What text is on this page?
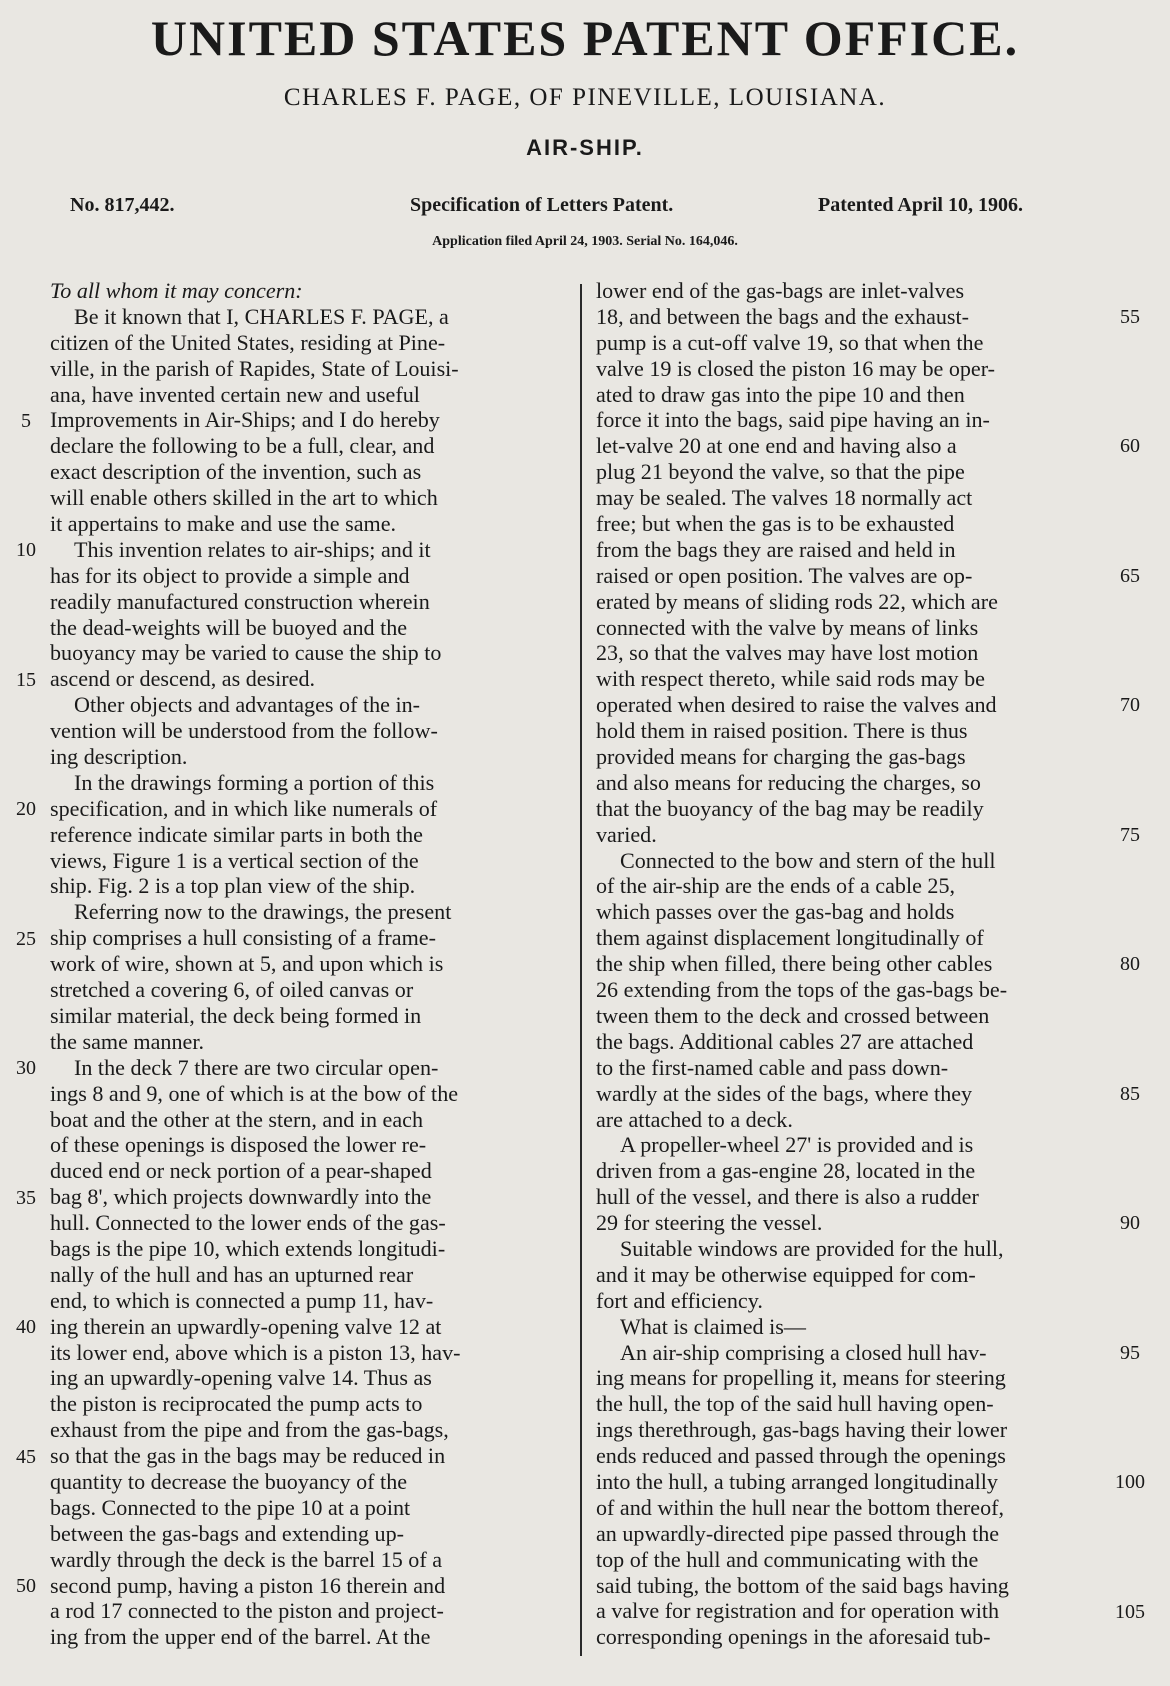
UNITED STATES PATENT OFFICE.
CHARLES F. PAGE, OF PINEVILLE, LOUISIANA.
AIR-SHIP.
No. 817,442.	Specification of Letters Patent.	Patented April 10, 1906.
Application filed April 24, 1903. Serial No. 164,046.
To all whom it may concern:
Be it known that I, CHARLES F. PAGE, a
citizen of the United States, residing at Pine-
ville, in the parish of Rapides, State of Louisi-
ana, have invented certain new and useful
Improvements in Air-Ships; and I do hereby
declare the following to be a full, clear, and
exact description of the invention, such as
will enable others skilled in the art to which
it appertains to make and use the same.
This invention relates to air-ships; and it
has for its object to provide a simple and
readily manufactured construction wherein
the dead-weights will be buoyed and the
buoyancy may be varied to cause the ship to
ascend or descend, as desired.
Other objects and advantages of the in-
vention will be understood from the follow-
ing description.
In the drawings forming a portion of this
specification, and in which like numerals of
reference indicate similar parts in both the
views, Figure 1 is a vertical section of the
ship. Fig. 2 is a top plan view of the ship.
Referring now to the drawings, the present
ship comprises a hull consisting of a frame-
work of wire, shown at 5, and upon which is
stretched a covering 6, of oiled canvas or
similar material, the deck being formed in
the same manner.
In the deck 7 there are two circular open-
ings 8 and 9, one of which is at the bow of the
boat and the other at the stern, and in each
of these openings is disposed the lower re-
duced end or neck portion of a pear-shaped
bag 8', which projects downwardly into the
hull. Connected to the lower ends of the gas-
bags is the pipe 10, which extends longitudi-
nally of the hull and has an upturned rear
end, to which is connected a pump 11, hav-
ing therein an upwardly-opening valve 12 at
its lower end, above which is a piston 13, hav-
ing an upwardly-opening valve 14. Thus as
the piston is reciprocated the pump acts to
exhaust from the pipe and from the gas-bags,
so that the gas in the bags may be reduced in
quantity to decrease the buoyancy of the
bags. Connected to the pipe 10 at a point
between the gas-bags and extending up-
wardly through the deck is the barrel 15 of a
second pump, having a piston 16 therein and
a rod 17 connected to the piston and project-
ing from the upper end of the barrel. At the
lower end of the gas-bags are inlet-valves
18, and between the bags and the exhaust-
pump is a cut-off valve 19, so that when the
valve 19 is closed the piston 16 may be oper-
ated to draw gas into the pipe 10 and then
force it into the bags, said pipe having an in-
let-valve 20 at one end and having also a
plug 21 beyond the valve, so that the pipe
may be sealed. The valves 18 normally act
free; but when the gas is to be exhausted
from the bags they are raised and held in
raised or open position. The valves are op-
erated by means of sliding rods 22, which are
connected with the valve by means of links
23, so that the valves may have lost motion
with respect thereto, while said rods may be
operated when desired to raise the valves and
hold them in raised position. There is thus
provided means for charging the gas-bags
and also means for reducing the charges, so
that the buoyancy of the bag may be readily
varied.
Connected to the bow and stern of the hull
of the air-ship are the ends of a cable 25,
which passes over the gas-bag and holds
them against displacement longitudinally of
the ship when filled, there being other cables
26 extending from the tops of the gas-bags be-
tween them to the deck and crossed between
the bags. Additional cables 27 are attached
to the first-named cable and pass down-
wardly at the sides of the bags, where they
are attached to a deck.
A propeller-wheel 27' is provided and is
driven from a gas-engine 28, located in the
hull of the vessel, and there is also a rudder
29 for steering the vessel.
Suitable windows are provided for the hull,
and it may be otherwise equipped for com-
fort and efficiency.
What is claimed is—
An air-ship comprising a closed hull hav-
ing means for propelling it, means for steering
the hull, the top of the said hull having open-
ings therethrough, gas-bags having their lower
ends reduced and passed through the openings
into the hull, a tubing arranged longitudinally
of and within the hull near the bottom thereof,
an upwardly-directed pipe passed through the
top of the hull and communicating with the
said tubing, the bottom of the said bags having
a valve for registration and for operation with
corresponding openings in the aforesaid tub-
5
10
15
20
25
30
35
40
45
50
55
60
65
70
75
80
85
90
95
100
105
